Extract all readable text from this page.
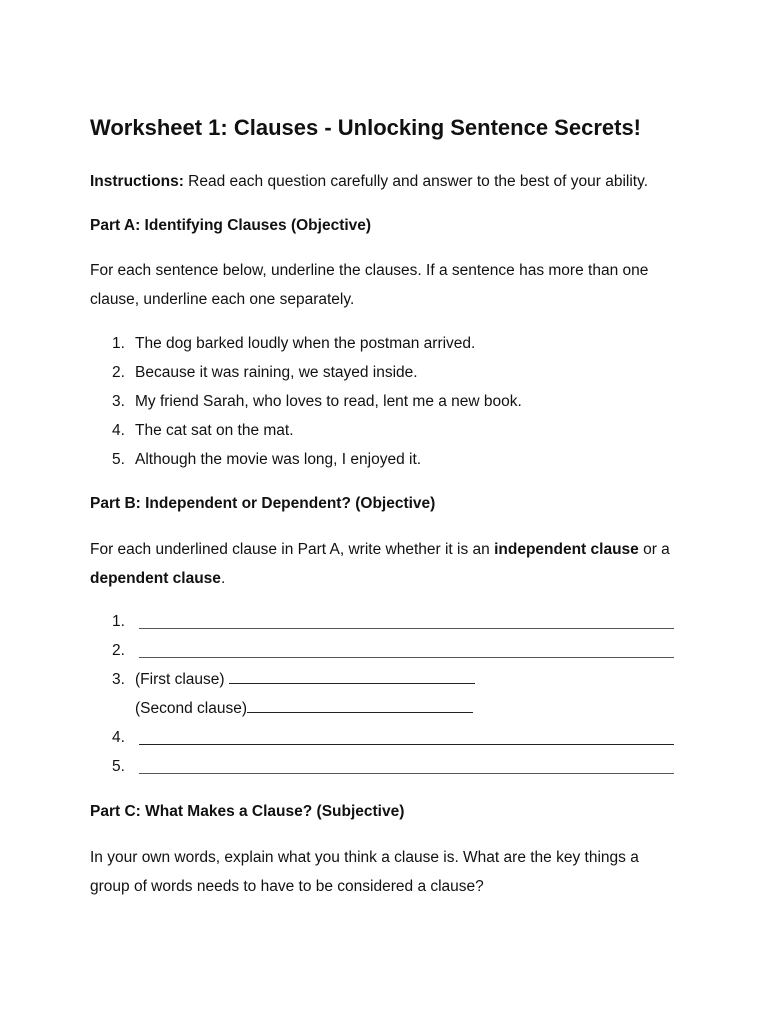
Worksheet 1: Clauses - Unlocking Sentence Secrets!

Instructions: Read each question carefully and answer to the best of your ability.

Part A: Identifying Clauses (Objective)

For each sentence below, underline the clauses. If a sentence has more than one clause, underline each one separately.

1. The dog barked loudly when the postman arrived.
2. Because it was raining, we stayed inside.
3. My friend Sarah, who loves to read, lent me a new book.
4. The cat sat on the mat.
5. Although the movie was long, I enjoyed it.

Part B: Independent or Dependent? (Objective)

For each underlined clause in Part A, write whether it is an independent clause or a dependent clause.

1.
2.
3. (First clause)
(Second clause)
4.
5.

Part C: What Makes a Clause? (Subjective)

In your own words, explain what you think a clause is. What are the key things a group of words needs to have to be considered a clause?
